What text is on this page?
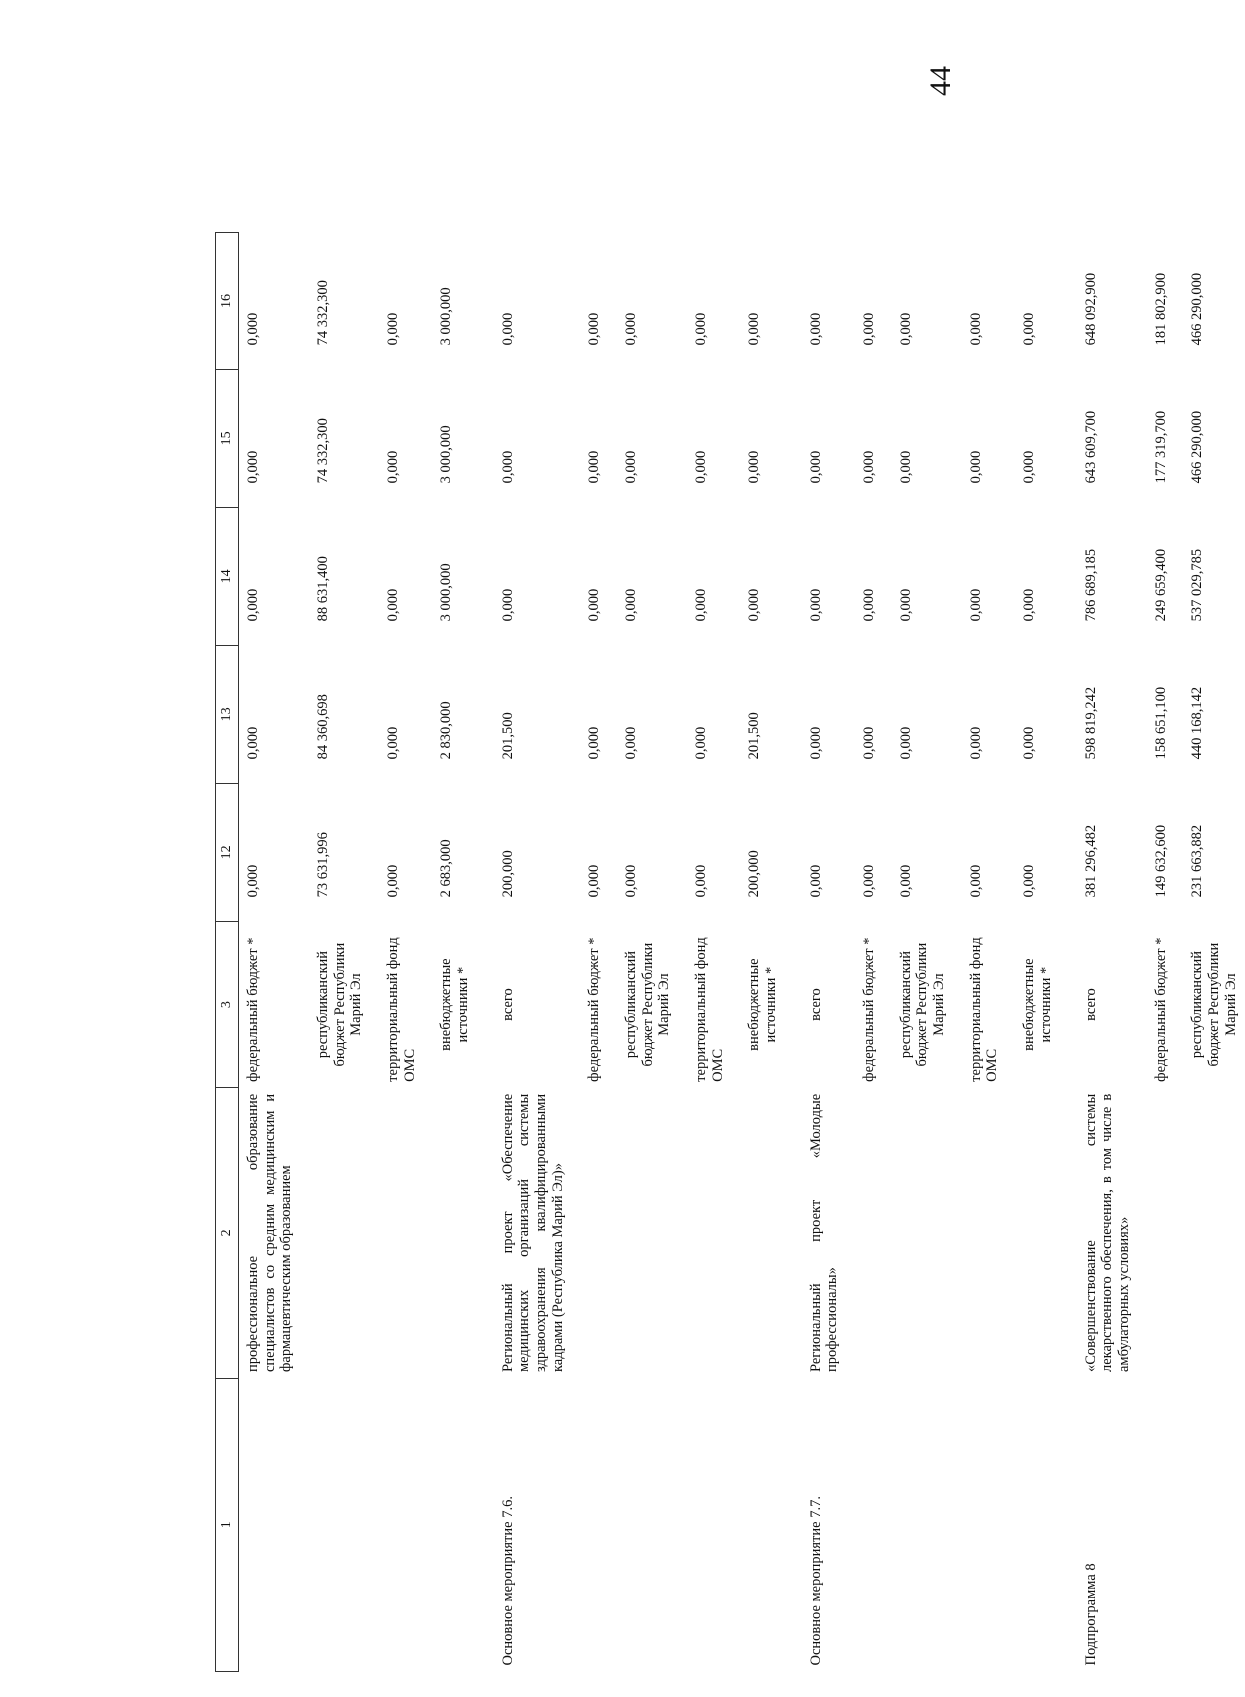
44
1	2	3	12	13	14	15	16
	профессиональное образование специалистов со средним медицинским и фармацевтическим образованием	федеральный бюджет *	0,000	0,000	0,000	0,000	0,000
		республиканский бюджет Республики Марий Эл	73 631,996	84 360,698	88 631,400	74 332,300	74 332,300
		территориальный фонд ОМС	0,000	0,000	0,000	0,000	0,000
		внебюджетные источники *	2 683,000	2 830,000	3 000,000	3 000,000	3 000,000
Основное мероприятие 7.6.	Региональный проект «Обеспечение медицинских организаций системы здравоохранения квалифицированными кадрами (Республика Марий Эл)»	всего	200,000	201,500	0,000	0,000	0,000
		федеральный бюджет *	0,000	0,000	0,000	0,000	0,000
		республиканский бюджет Республики Марий Эл	0,000	0,000	0,000	0,000	0,000
		территориальный фонд ОМС	0,000	0,000	0,000	0,000	0,000
		внебюджетные источники *	200,000	201,500	0,000	0,000	0,000
Основное мероприятие 7.7.	Региональный проект «Молодые профессионалы»	всего	0,000	0,000	0,000	0,000	0,000
		федеральный бюджет *	0,000	0,000	0,000	0,000	0,000
		республиканский бюджет Республики Марий Эл	0,000	0,000	0,000	0,000	0,000
		территориальный фонд ОМС	0,000	0,000	0,000	0,000	0,000
		внебюджетные источники *	0,000	0,000	0,000	0,000	0,000
Подпрограмма 8	«Совершенствование системы лекарственного обеспечения, в том числе в амбулаторных условиях»	всего	381 296,482	598 819,242	786 689,185	643 609,700	648 092,900
		федеральный бюджет *	149 632,600	158 651,100	249 659,400	177 319,700	181 802,900
		республиканский бюджет Республики Марий Эл	231 663,882	440 168,142	537 029,785	466 290,000	466 290,000
